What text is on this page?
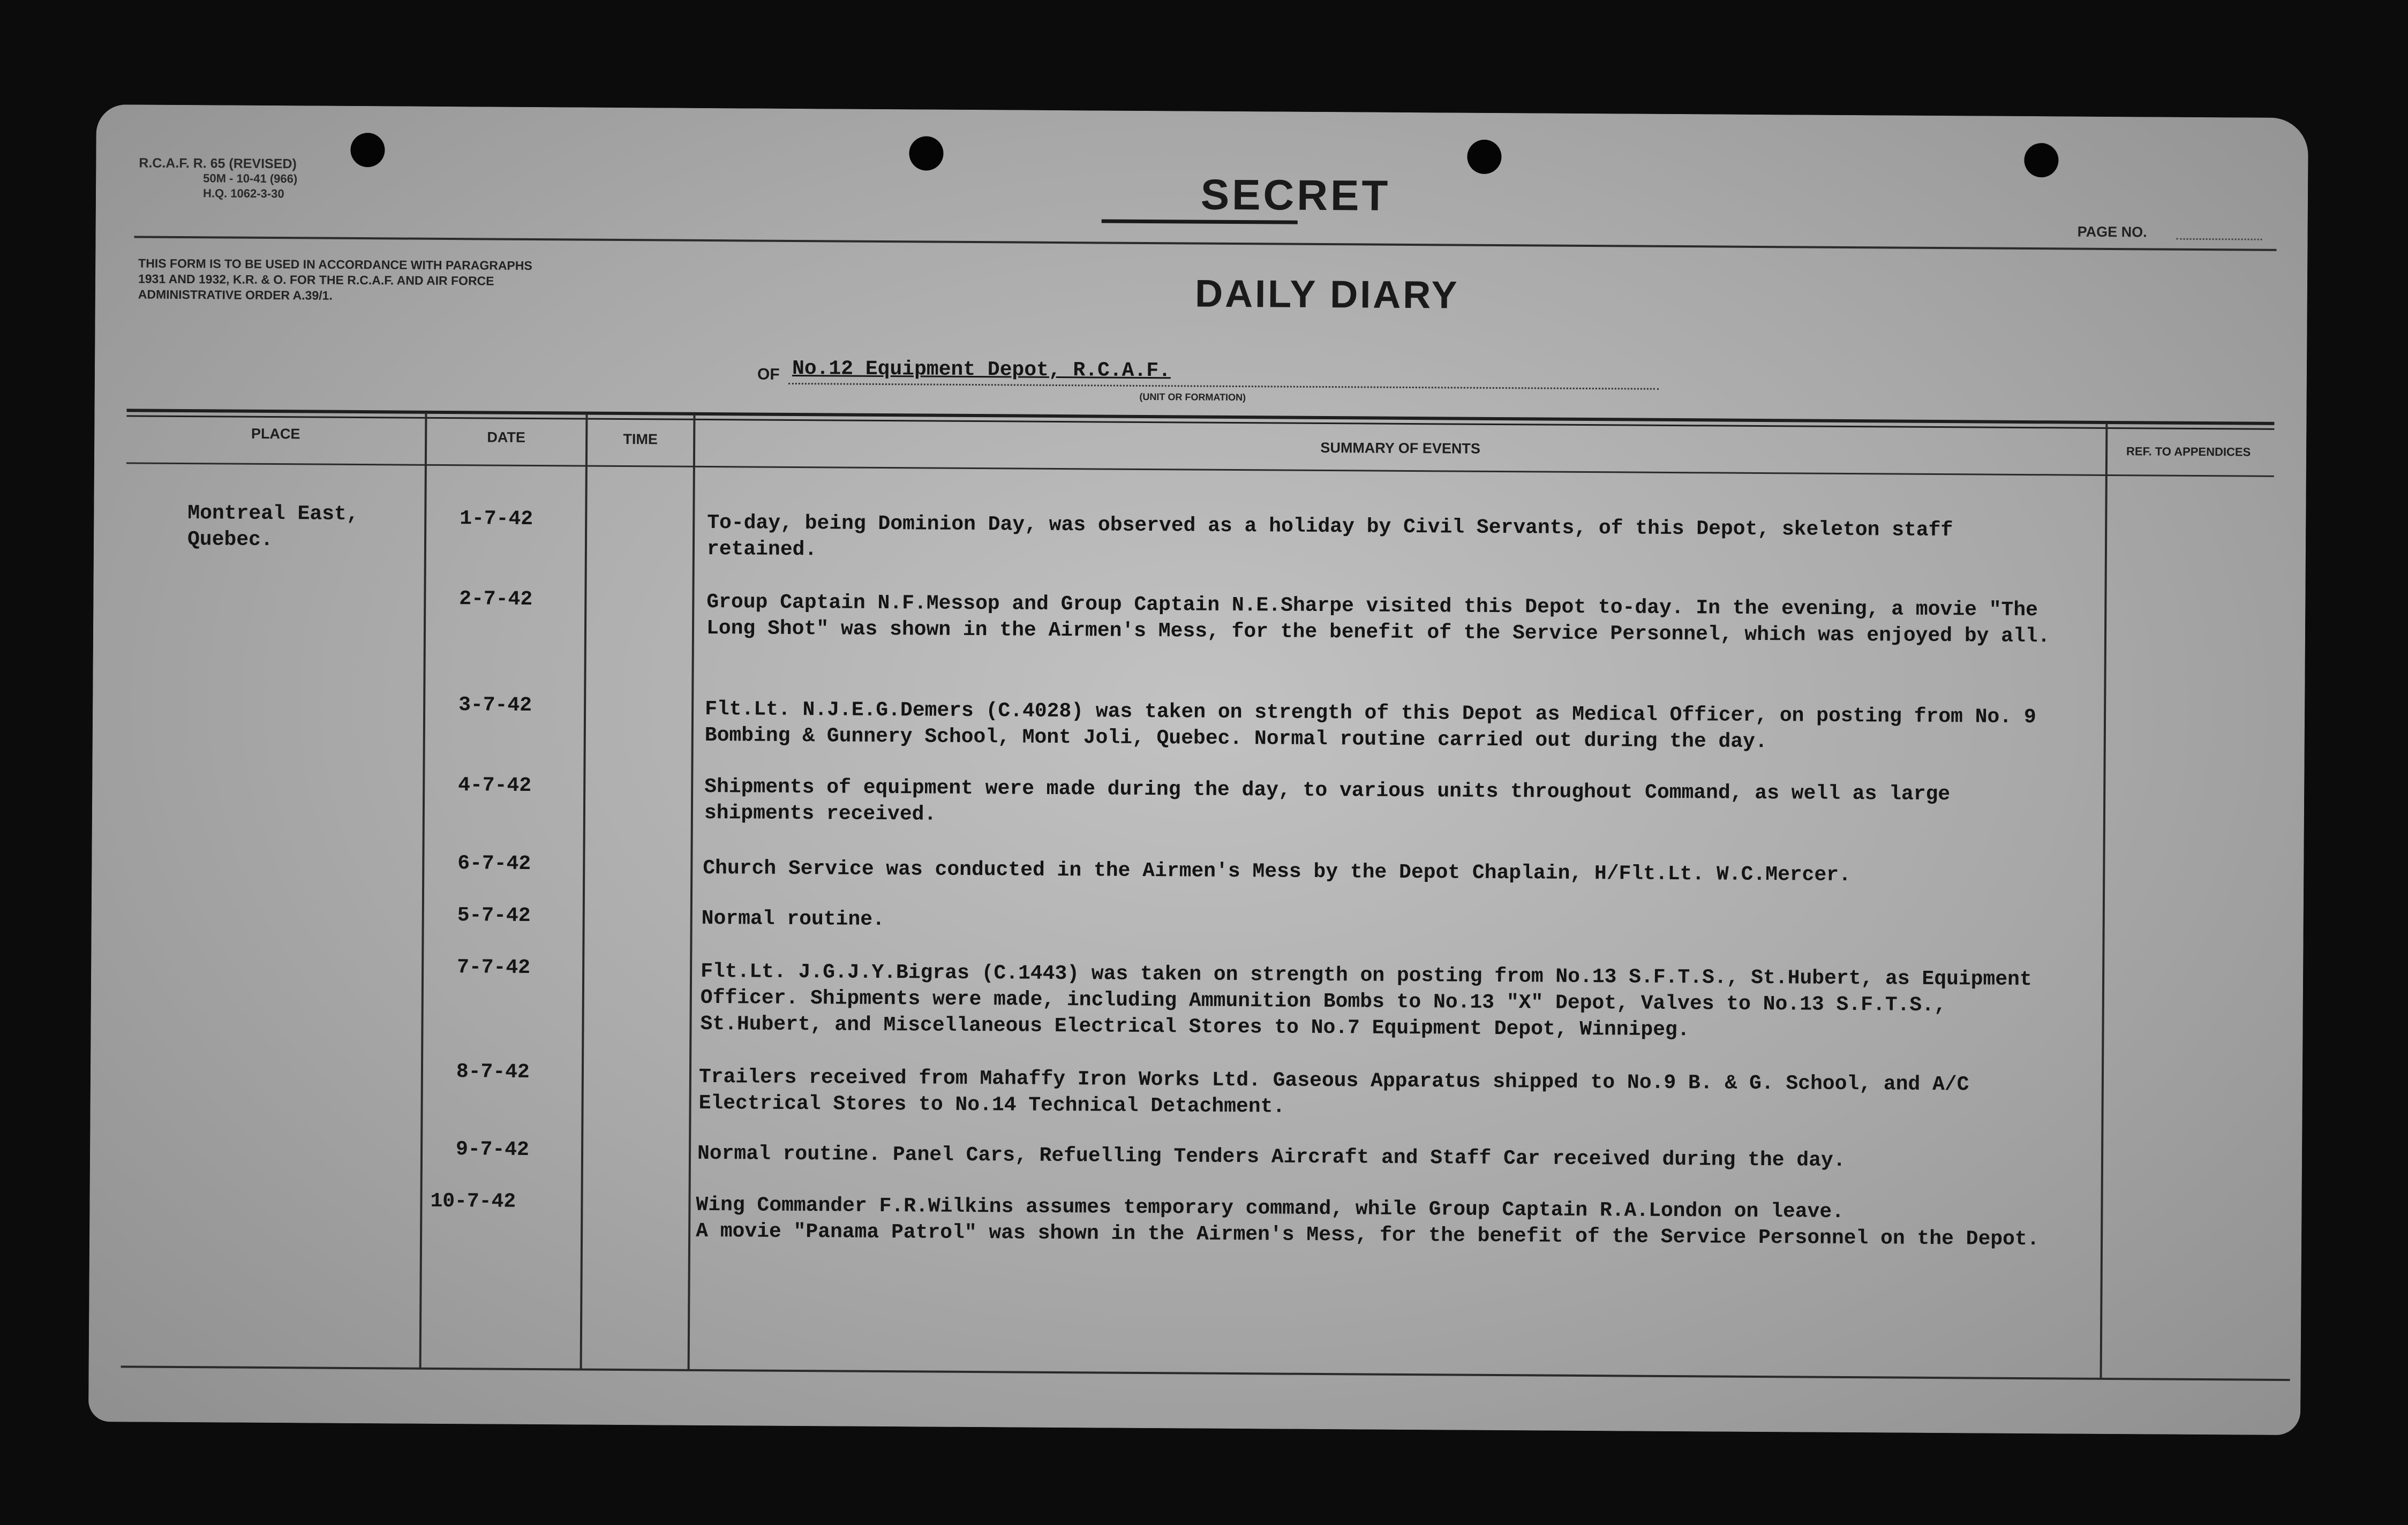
R.C.A.F. R. 65 (REVISED)
50M - 10-41 (966)
H.Q. 1062-3-30	SECRET
PAGE NO.
THIS FORM IS TO BE USED IN ACCORDANCE WITH PARAGRAPHS 1931 AND 1932, K.R. & O. FOR THE R.C.A.F. AND AIR FORCE ADMINISTRATIVE ORDER A.39/1.	DAILY DIARY
OF No.12 Equipment Depot, R.C.A.F.
(UNIT OR FORMATION)
PLACE	DATE	TIME
SUMMARY OF EVENTS	REF. TO APPENDICES
Montreal East,
Quebec.
1-7-42	To-day, being Dominion Day, was observed as a holiday by Civil Servants, of this Depot, skeleton staff retained.
2-7-42	Group Captain N.F.Messop and Group Captain N.E.Sharpe visited this Depot to-day. In the evening, a movie "The Long Shot" was shown in the Airmen's Mess, for the benefit of the Service Personnel, which was enjoyed by all.
3-7-42	Flt.Lt. N.J.E.G.Demers (C.4028) was taken on strength of this Depot as Medical Officer, on posting from No. 9 Bombing & Gunnery School, Mont Joli, Quebec. Normal routine carried out during the day.
4-7-42	Shipments of equipment were made during the day, to various units throughout Command, as well as large shipments received.
6-7-42	Church Service was conducted in the Airmen's Mess by the Depot Chaplain, H/Flt.Lt. W.C.Mercer.
5-7-42	Normal routine.
7-7-42	Flt.Lt. J.G.J.Y.Bigras (C.1443) was taken on strength on posting from No.13 S.F.T.S., St.Hubert, as Equipment Officer. Shipments were made, including Ammunition Bombs to No.13 "X" Depot, Valves to No.13 S.F.T.S., St.Hubert, and Miscellaneous Electrical Stores to No.7 Equipment Depot, Winnipeg.
8-7-42	Trailers received from Mahaffy Iron Works Ltd. Gaseous Apparatus shipped to No.9 B. & G. School, and A/C Electrical Stores to No.14 Technical Detachment.
9-7-42	Normal routine. Panel Cars, Refuelling Tenders Aircraft and Staff Car received during the day.
10-7-42	Wing Commander F.R.Wilkins assumes temporary command, while Group Captain R.A.London on leave.
A movie "Panama Patrol" was shown in the Airmen's Mess, for the benefit of the Service Personnel on the Depot.
